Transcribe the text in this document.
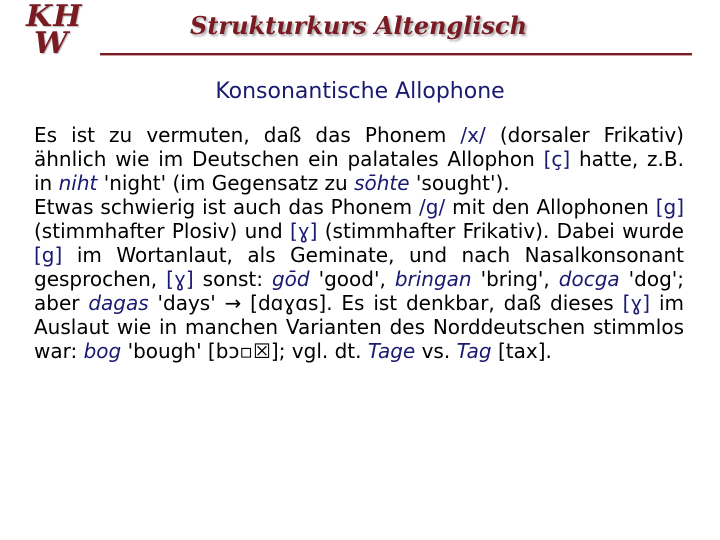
KH
W
Strukturkurs Altenglisch
Konsonantische Allophone

Es ist zu vermuten, daß das Phonem /x/ (dorsaler Frikativ) ähnlich wie im Deutschen ein palatales Allophon [ç] hatte, z.B. in niht 'night' (im Gegensatz zu sōhte 'sought').

Etwas schwierig ist auch das Phonem /g/ mit den Allophonen [g] (stimmhafter Plosiv) und [ɣ] (stimmhafter Frikativ). Dabei wurde [g] im Wortanlaut, als Geminate, und nach Nasalkonsonant gesprochen, [ɣ] sonst: gōd 'good', bringan 'bring', docga 'dog'; aber dagas 'days' → [dɑɣɑs]. Es ist denkbar, daß dieses [ɣ] im Auslaut wie in manchen Varianten des Norddeutschen stimmlos war: bog 'bough' [bɔ▫☒]; vgl. dt. Tage vs. Tag [tax].
